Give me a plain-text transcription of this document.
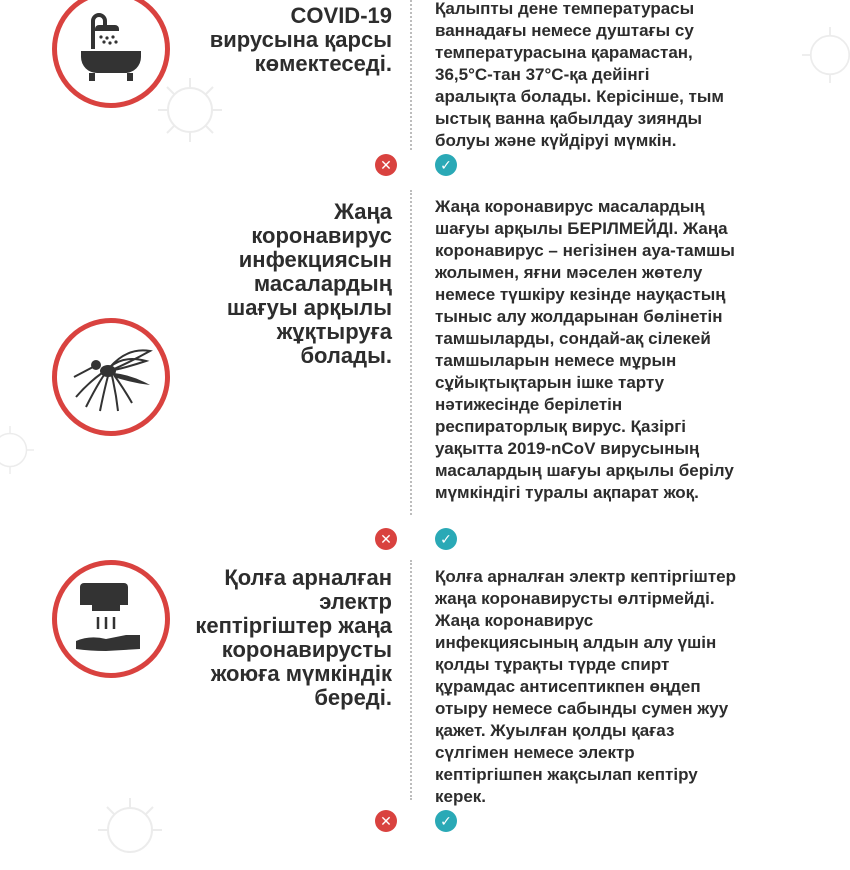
COVID-19
вирусына қарсы
көмектеседі.
Қалыпты дене температурасы
ваннадағы немесе душтағы су
температурасына қарамастан,
36,5°С-тан 37°С-қа дейінгі
аралықта болады. Керісінше, тым
ыстық ванна қабылдау зиянды
болуы және күйдіруі мүмкін.
✕	✓
Жаңа
коронавирус
инфекциясын
масалардың
шағуы арқылы
жұқтыруға
болады.
Жаңа коронавирус масалардың
шағуы арқылы БЕРІЛМЕЙДІ. Жаңа
коронавирус – негізінен ауа-тамшы
жолымен, яғни мәселен жөтелу
немесе түшкіру кезінде науқастың
тыныс алу жолдарынан бөлінетін
тамшыларды, сондай-ақ сілекей
тамшыларын немесе мұрын
сұйықтықтарын ішке тарту
нәтижесінде берілетін
респираторлық вирус. Қазіргі
уақытта 2019-nCoV вирусының
масалардың шағуы арқылы берілу
мүмкіндігі туралы ақпарат жоқ.
✕	✓
Қолға арналған
электр
кептіргіштер жаңа
коронавирусты
жоюға мүмкіндік
береді.
Қолға арналған электр кептіргіштер
жаңа коронавирусты өлтірмейді.
Жаңа коронавирус
инфекциясының алдын алу үшін
қолды тұрақты түрде спирт
құрамдас антисептикпен өңдеп
отыру немесе сабынды сумен жуу
қажет. Жуылған қолды қағаз
сүлгімен немесе электр
кептіргішпен жақсылап кептіру
керек.
✕	✓
